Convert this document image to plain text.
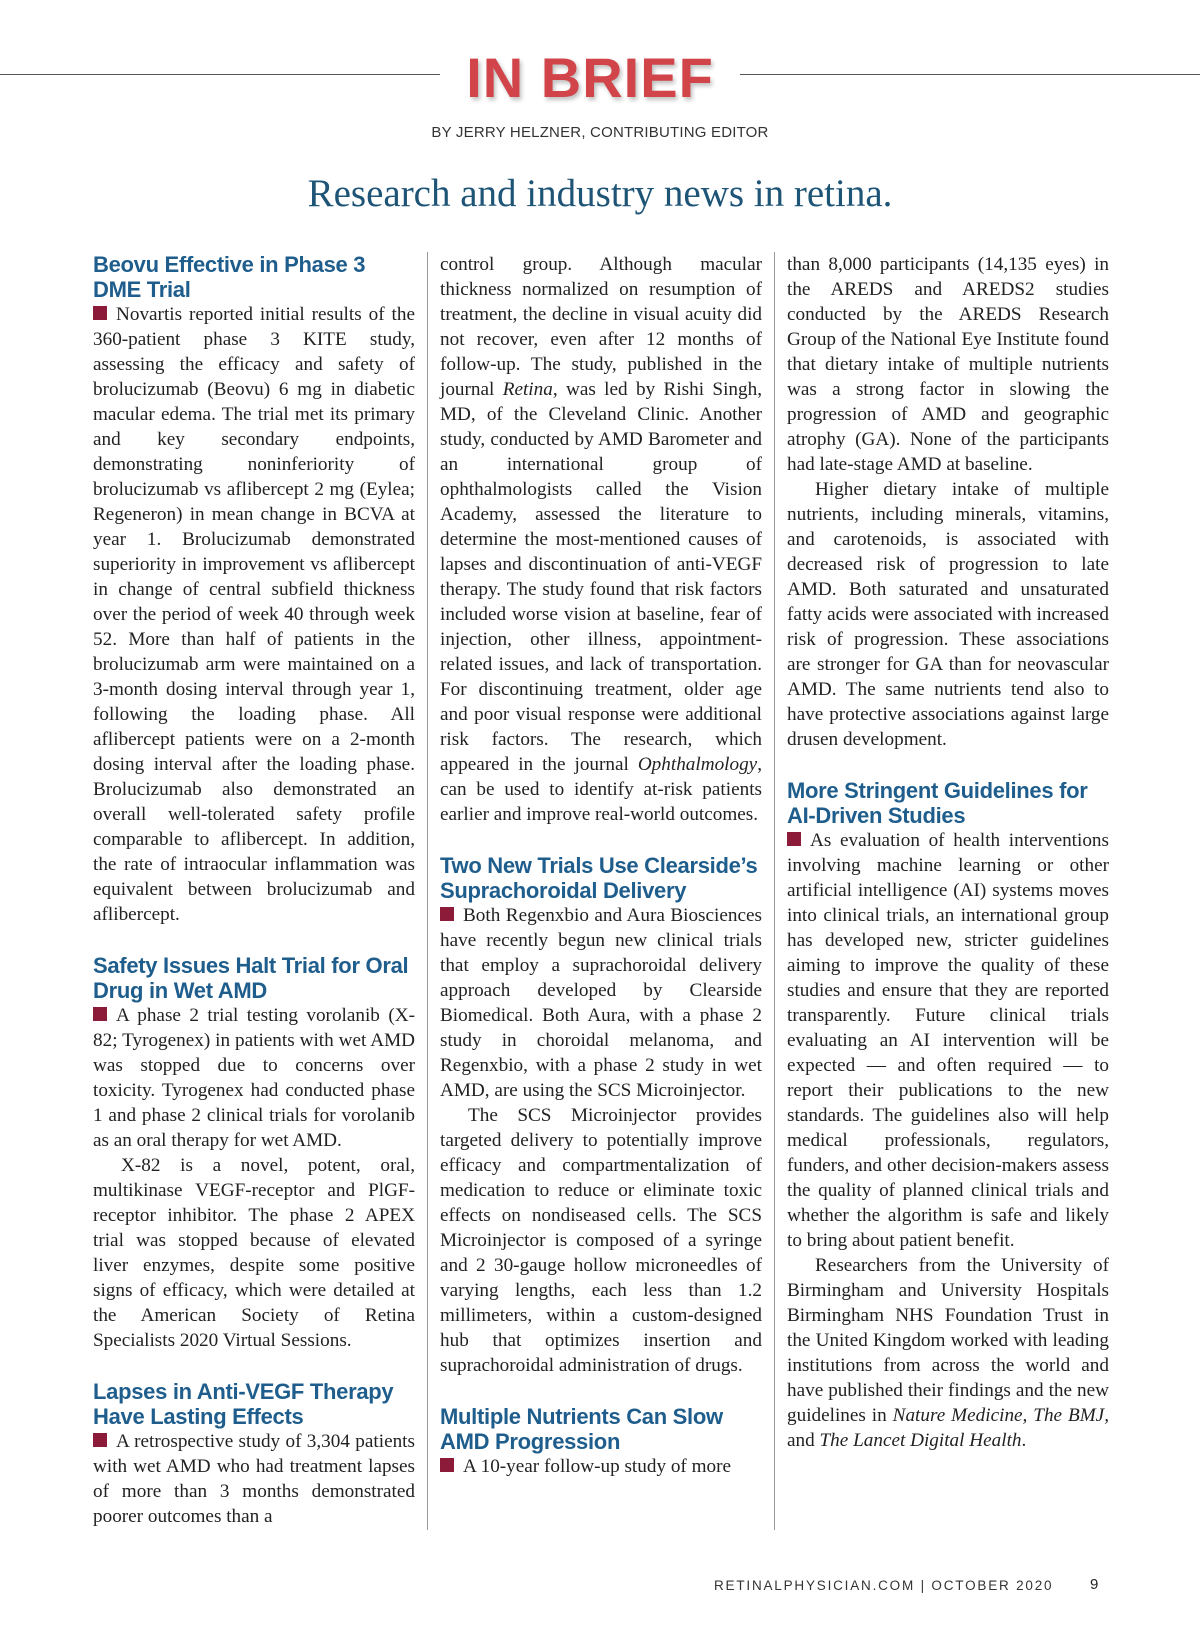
IN BRIEF
BY JERRY HELZNER, CONTRIBUTING EDITOR
Research and industry news in retina.
Beovu Effective in Phase 3 DME Trial

Novartis reported initial results of the 360-patient phase 3 KITE study, assessing the efficacy and safety of brolucizumab (Beovu) 6 mg in diabetic macular edema. The trial met its primary and key secondary endpoints, demonstrating noninferiority of brolucizumab vs aflibercept 2 mg (Eylea; Regeneron) in mean change in BCVA at year 1. Brolucizumab demonstrated superiority in improvement vs aflibercept in change of central subfield thickness over the period of week 40 through week 52. More than half of patients in the brolucizumab arm were maintained on a 3-month dosing interval through year 1, following the loading phase. All aflibercept patients were on a 2-month dosing interval after the loading phase. Brolucizumab also demonstrated an overall well-tolerated safety profile comparable to aflibercept. In addition, the rate of intraocular inflammation was equivalent between brolucizumab and aflibercept.

Safety Issues Halt Trial for Oral Drug in Wet AMD

A phase 2 trial testing vorolanib (X-82; Tyrogenex) in patients with wet AMD was stopped due to concerns over toxicity. Tyrogenex had conducted phase 1 and phase 2 clinical trials for vorolanib as an oral therapy for wet AMD.

X-82 is a novel, potent, oral, multikinase VEGF-receptor and PlGF-receptor inhibitor. The phase 2 APEX trial was stopped because of elevated liver enzymes, despite some positive signs of efficacy, which were detailed at the American Society of Retina Specialists 2020 Virtual Sessions.

Lapses in Anti-VEGF Therapy Have Lasting Effects

A retrospective study of 3,304 patients with wet AMD who had treatment lapses of more than 3 months demonstrated poorer outcomes than a

control group. Although macular thickness normalized on resumption of treatment, the decline in visual acuity did not recover, even after 12 months of follow-up. The study, published in the journal Retina, was led by Rishi Singh, MD, of the Cleveland Clinic. Another study, conducted by AMD Barometer and an international group of ophthalmologists called the Vision Academy, assessed the literature to determine the most-mentioned causes of lapses and discontinuation of anti-VEGF therapy. The study found that risk factors included worse vision at baseline, fear of injection, other illness, appointment-related issues, and lack of transportation. For discontinuing treatment, older age and poor visual response were additional risk factors. The research, which appeared in the journal Ophthalmology, can be used to identify at-risk patients earlier and improve real-world outcomes.

Two New Trials Use Clearside’s Suprachoroidal Delivery

Both Regenxbio and Aura Biosciences have recently begun new clinical trials that employ a suprachoroidal delivery approach developed by Clearside Biomedical. Both Aura, with a phase 2 study in choroidal melanoma, and Regenxbio, with a phase 2 study in wet AMD, are using the SCS Microinjector.

The SCS Microinjector provides targeted delivery to potentially improve efficacy and compartmentalization of medication to reduce or eliminate toxic effects on nondiseased cells. The SCS Microinjector is composed of a syringe and 2 30-gauge hollow microneedles of varying lengths, each less than 1.2 millimeters, within a custom-designed hub that optimizes insertion and suprachoroidal administration of drugs.

Multiple Nutrients Can Slow AMD Progression

A 10-year follow-up study of more

than 8,000 participants (14,135 eyes) in the AREDS and AREDS2 studies conducted by the AREDS Research Group of the National Eye Institute found that dietary intake of multiple nutrients was a strong factor in slowing the progression of AMD and geographic atrophy (GA). None of the participants had late-stage AMD at baseline.

Higher dietary intake of multiple nutrients, including minerals, vitamins, and carotenoids, is associated with decreased risk of progression to late AMD. Both saturated and unsaturated fatty acids were associated with increased risk of progression. These associations are stronger for GA than for neovascular AMD. The same nutrients tend also to have protective associations against large drusen development.

More Stringent Guidelines for AI-Driven Studies

As evaluation of health interventions involving machine learning or other artificial intelligence (AI) systems moves into clinical trials, an international group has developed new, stricter guidelines aiming to improve the quality of these studies and ensure that they are reported transparently. Future clinical trials evaluating an AI intervention will be expected — and often required — to report their publications to the new standards. The guidelines also will help medical professionals, regulators, funders, and other decision-makers assess the quality of planned clinical trials and whether the algorithm is safe and likely to bring about patient benefit.

Researchers from the University of Birmingham and University Hospitals Birmingham NHS Foundation Trust in the United Kingdom worked with leading institutions from across the world and have published their findings and the new guidelines in Nature Medicine, The BMJ, and The Lancet Digital Health.

RETINALPHYSICIAN.COM | OCTOBER 2020 9
